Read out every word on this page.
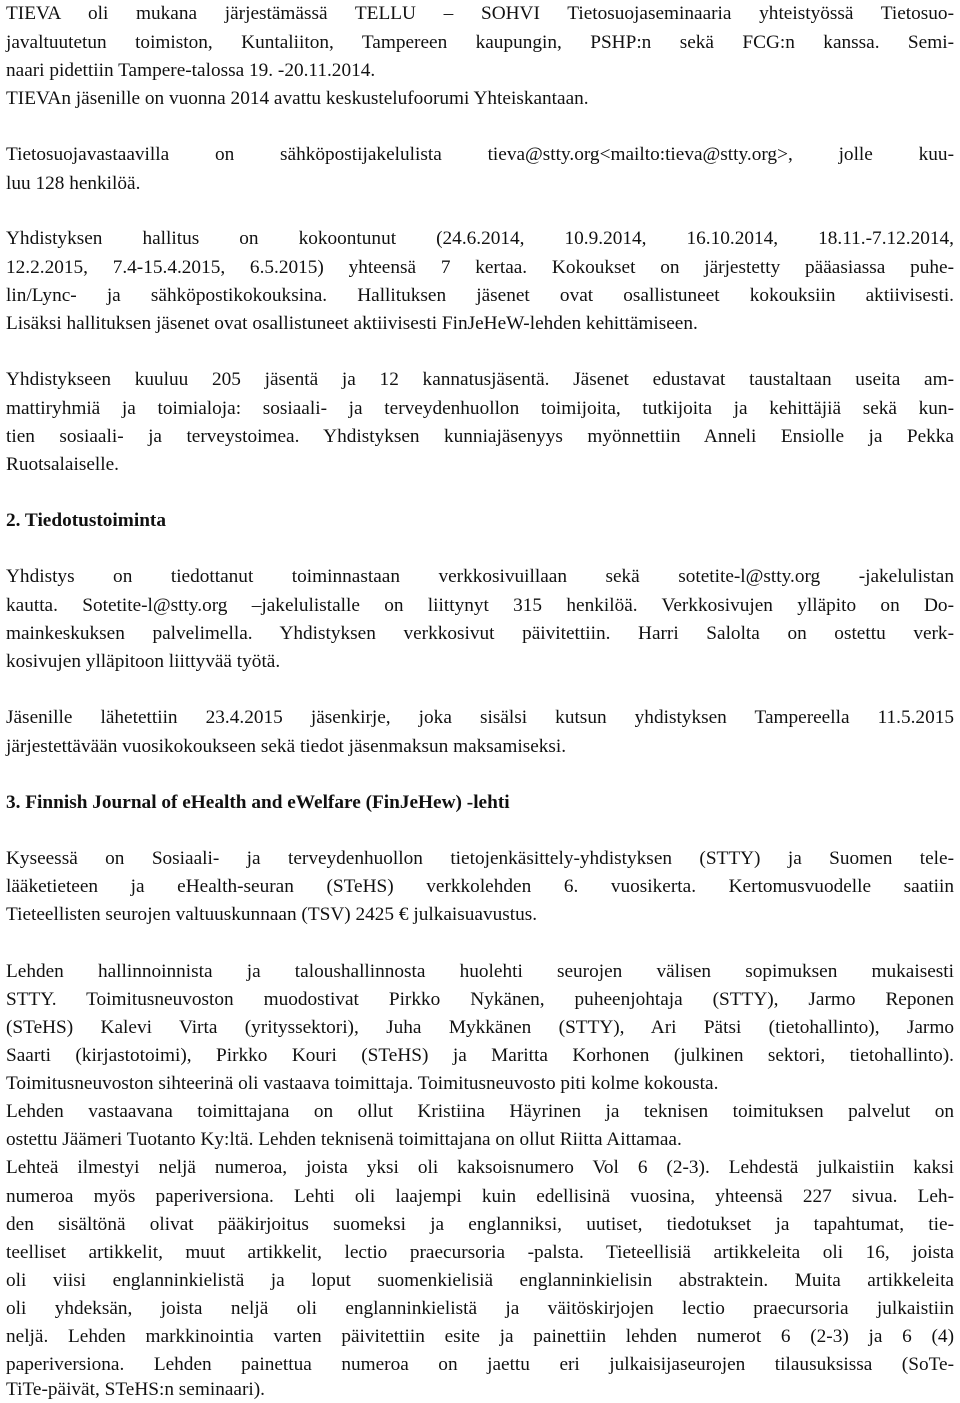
TIEVA oli mukana järjestämässä TELLU – SOHVI Tietosuojaseminaaria yhteistyössä Tietosuo-
javaltuutetun toimiston, Kuntaliiton, Tampereen kaupungin, PSHP:n sekä FCG:n kanssa. Semi-
naari pidettiin Tampere-talossa 19. -20.11.2014.
TIEVAn jäsenille on vuonna 2014 avattu keskustelufoorumi Yhteiskantaan.
Tietosuojavastaavilla on sähköpostijakelulista tieva@stty.org<mailto:tieva@stty.org>, jolle kuu-
luu 128 henkilöä.
Yhdistyksen hallitus on kokoontunut (24.6.2014, 10.9.2014, 16.10.2014, 18.11.-7.12.2014,
12.2.2015, 7.4-15.4.2015, 6.5.2015) yhteensä 7 kertaa. Kokoukset on järjestetty pääasiassa puhe-
lin/Lync- ja sähköpostikokouksina. Hallituksen jäsenet ovat osallistuneet kokouksiin aktiivisesti.
Lisäksi hallituksen jäsenet ovat osallistuneet aktiivisesti FinJeHeW-lehden kehittämiseen.
Yhdistykseen kuuluu 205 jäsentä ja 12 kannatusjäsentä. Jäsenet edustavat taustaltaan useita am-
mattiryhmiä ja toimialoja: sosiaali- ja terveydenhuollon toimijoita, tutkijoita ja kehittäjiä sekä kun-
tien sosiaali- ja terveystoimea. Yhdistyksen kunniajäsenyys myönnettiin Anneli Ensiolle ja Pekka
Ruotsalaiselle.
2. Tiedotustoiminta
Yhdistys on tiedottanut toiminnastaan verkkosivuillaan sekä sotetite-l@stty.org -jakelulistan
kautta. Sotetite-l@stty.org –jakelulistalle on liittynyt 315 henkilöä. Verkkosivujen ylläpito on Do-
mainkeskuksen palvelimella. Yhdistyksen verkkosivut päivitettiin. Harri Salolta on ostettu verk-
kosivujen ylläpitoon liittyvää työtä.
Jäsenille lähetettiin 23.4.2015 jäsenkirje, joka sisälsi kutsun yhdistyksen Tampereella 11.5.2015
järjestettävään vuosikokoukseen sekä tiedot jäsenmaksun maksamiseksi.
3. Finnish Journal of eHealth and eWelfare (FinJeHew) -lehti
Kyseessä on Sosiaali- ja terveydenhuollon tietojenkäsittely-yhdistyksen (STTY) ja Suomen tele-
lääketieteen ja eHealth-seuran (STeHS) verkkolehden 6. vuosikerta. Kertomusvuodelle saatiin
Tieteellisten seurojen valtuuskunnaan (TSV) 2425 € julkaisuavustus.
Lehden hallinnoinnista ja taloushallinnosta huolehti seurojen välisen sopimuksen mukaisesti
STTY. Toimitusneuvoston muodostivat Pirkko Nykänen, puheenjohtaja (STTY), Jarmo Reponen
(STeHS) Kalevi Virta (yrityssektori), Juha Mykkänen (STTY), Ari Pätsi (tietohallinto), Jarmo
Saarti (kirjastotoimi), Pirkko Kouri (STeHS) ja Maritta Korhonen (julkinen sektori, tietohallinto).
Toimitusneuvoston sihteerinä oli vastaava toimittaja. Toimitusneuvosto piti kolme kokousta.
Lehden vastaavana toimittajana on ollut Kristiina Häyrinen ja teknisen toimituksen palvelut on
ostettu Jäämeri Tuotanto Ky:ltä. Lehden teknisenä toimittajana on ollut Riitta Aittamaa.
Lehteä ilmestyi neljä numeroa, joista yksi oli kaksoisnumero Vol 6 (2-3). Lehdestä julkaistiin kaksi
numeroa myös paperiversiona. Lehti oli laajempi kuin edellisinä vuosina, yhteensä 227 sivua. Leh-
den sisältönä olivat pääkirjoitus suomeksi ja englanniksi, uutiset, tiedotukset ja tapahtumat, tie-
teelliset artikkelit, muut artikkelit, lectio praecursoria -palsta. Tieteellisiä artikkeleita oli 16, joista
oli viisi englanninkielistä ja loput suomenkielisiä englanninkielisin abstraktein. Muita artikkeleita
oli yhdeksän, joista neljä oli englanninkielistä ja väitöskirjojen lectio praecursoria julkaistiin
neljä. Lehden markkinointia varten päivitettiin esite ja painettiin lehden numerot 6 (2-3) ja 6 (4)
paperiversiona. Lehden painettua numeroa on jaettu eri julkaisijaseurojen tilausuksissa (SoTe-
TiTe-päivät, STeHS:n seminaari).
